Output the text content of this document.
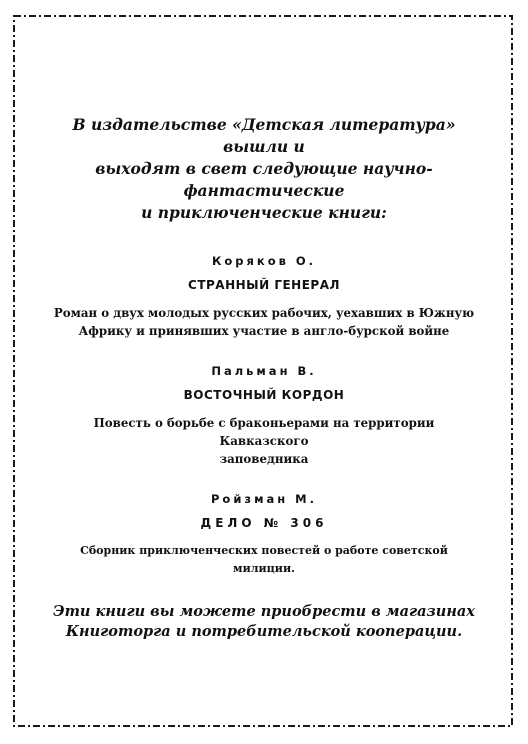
В издательстве «Детская литература» вышли и
выходят в свет следующие научно-фантастические
и приключенческие книги:
Коряков О.
СТРАННЫЙ ГЕНЕРАЛ
Роман о двух молодых русских рабочих, уехавших в Южную
Африку и принявших участие в англо-бурской войне
Пальман В.
ВОСТОЧНЫЙ КОРДОН
Повесть о борьбе с браконьерами на территории Кавказского
заповедника
Ройзман М.
ДЕЛО № 306
Сборник приключенческих повестей о работе советской милиции.
Эти книги вы можете приобрести в магазинах
Книготорга и потребительской кооперации.
